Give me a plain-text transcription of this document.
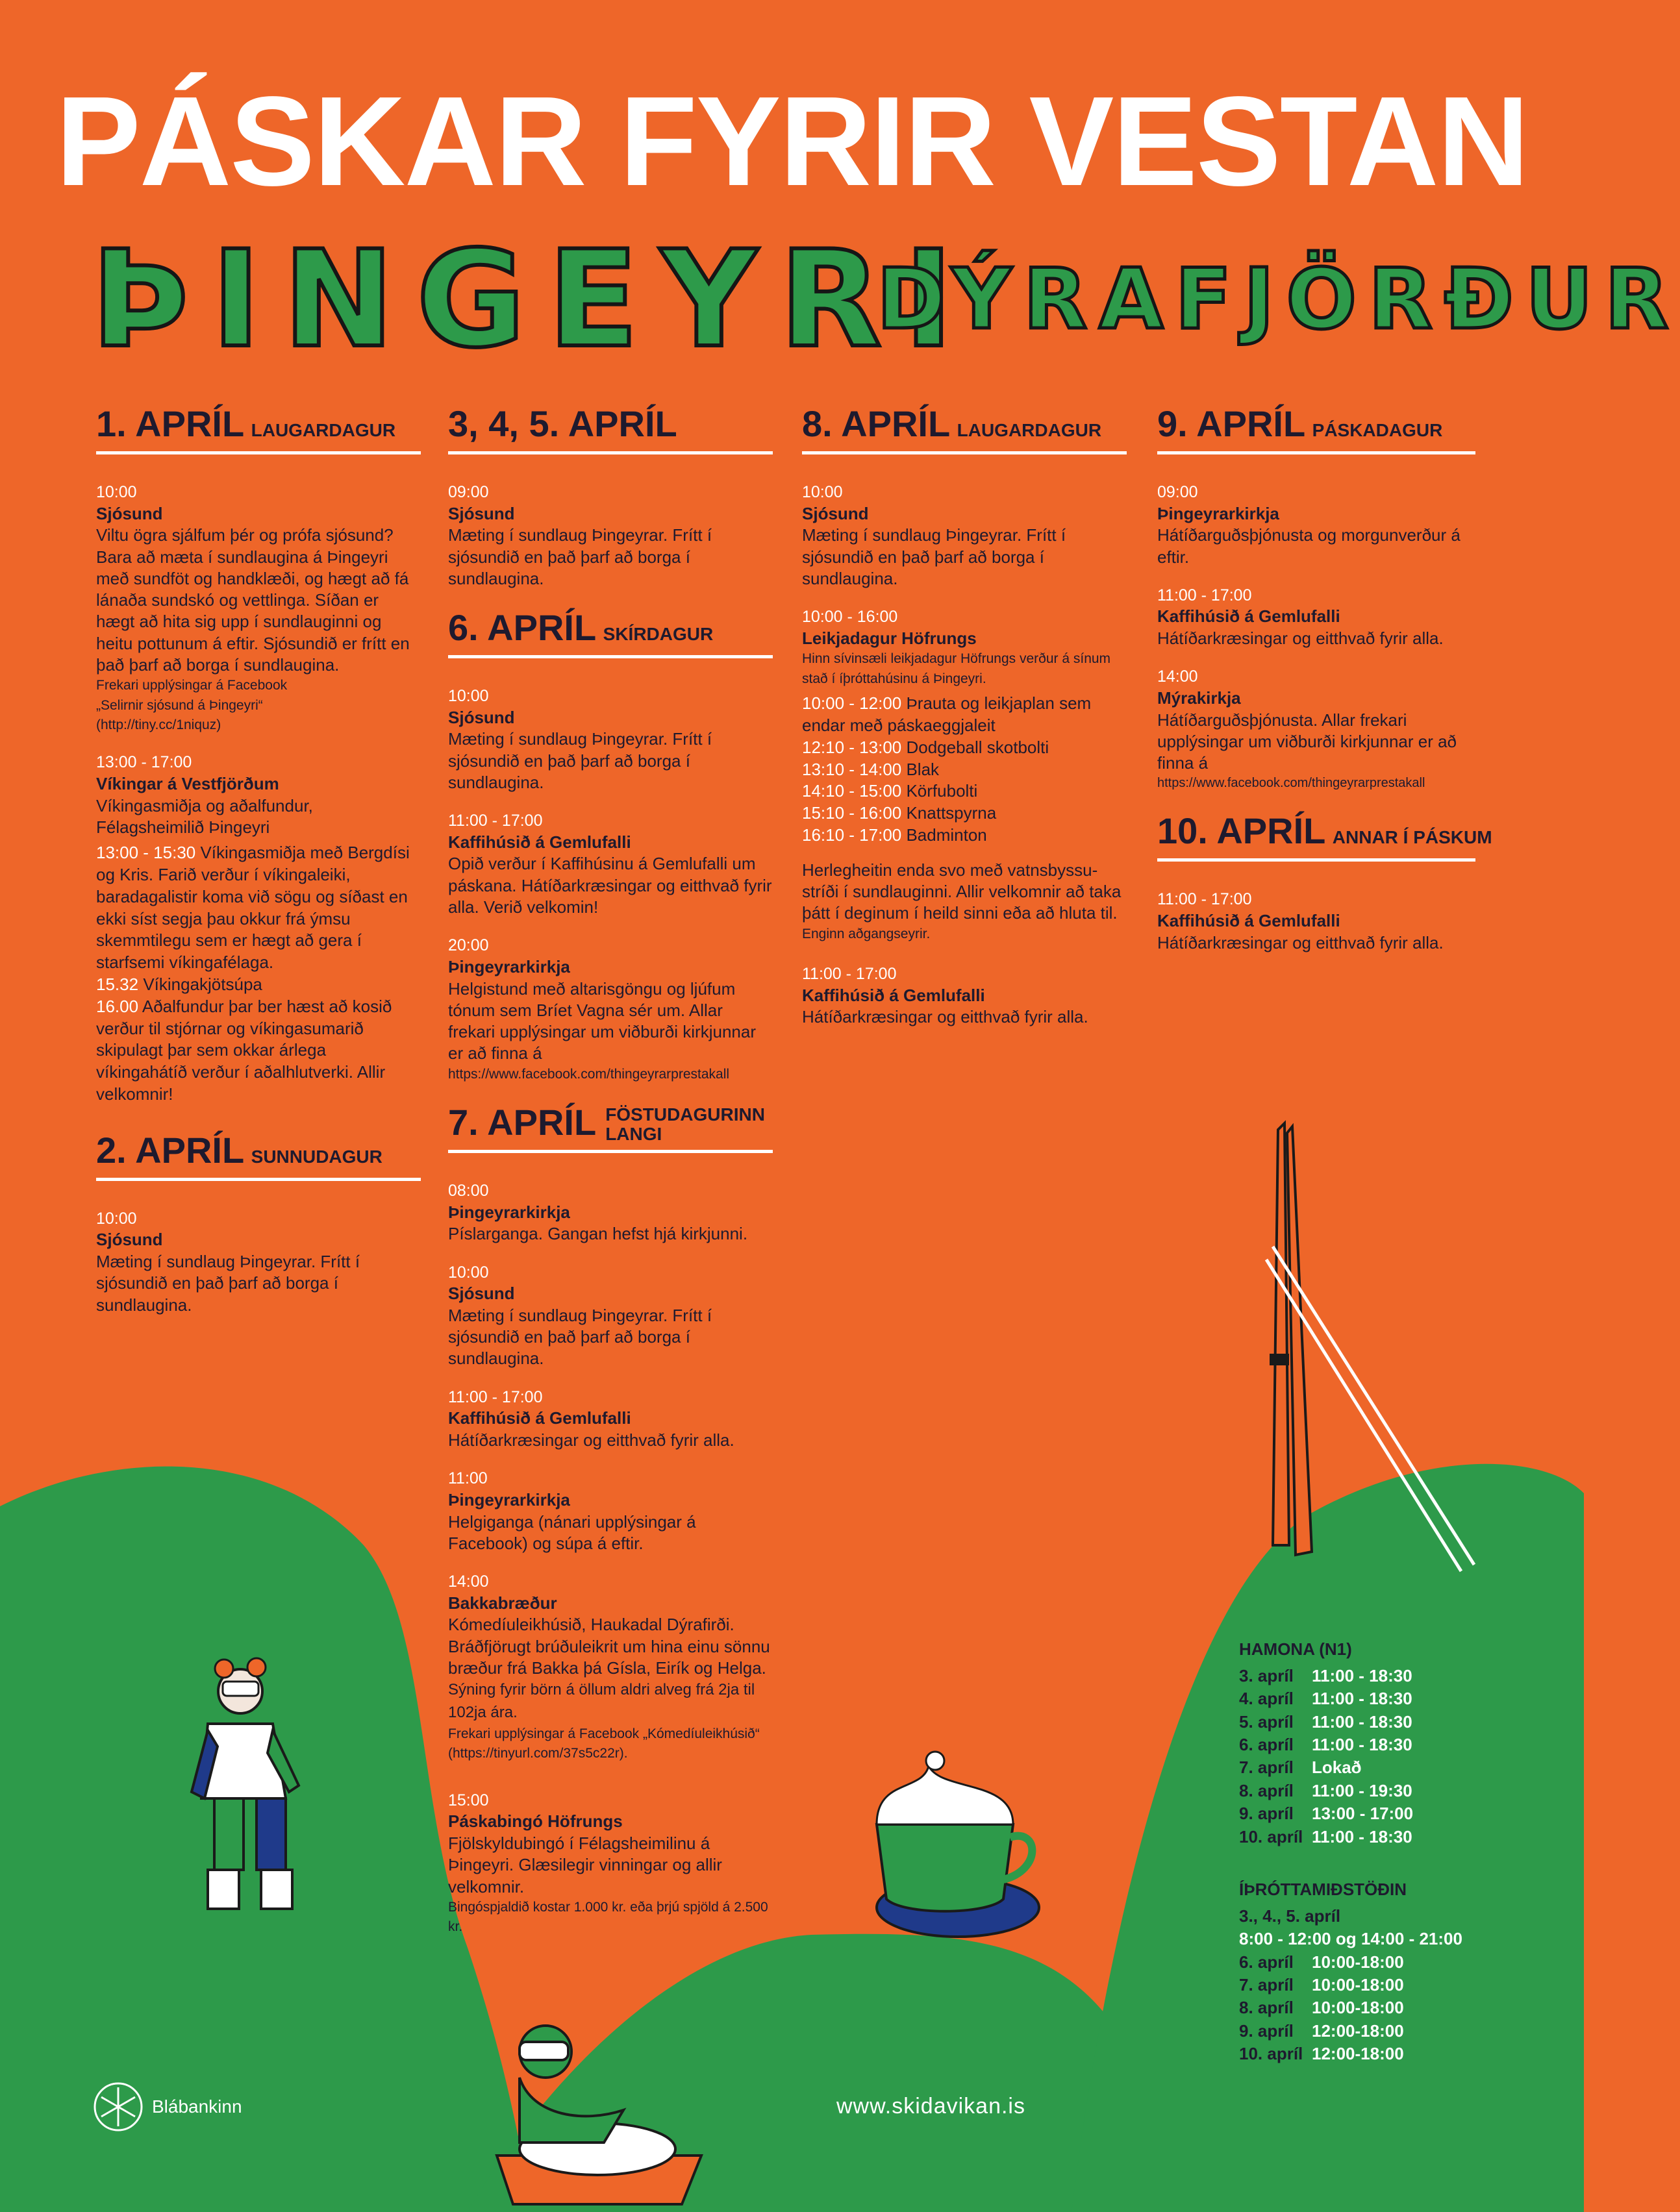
PÁSKAR FYRIR VESTAN
ÞINGEYRI
DÝRAFJÖRÐUR
1. APRÍL LAUGARDAGUR
10:00
Sjósund
Viltu ögra sjálfum þér og prófa sjósund? Bara að mæta í sundlaugina á Þingeyri með sundföt og handklæði, og hægt að fá lánaða sundskó og vettlinga. Síðan er hægt að hita sig upp í sundlauginni og heitu pottunum á eftir. Sjósundið er frítt en það þarf að borga í sundlaugina.
Frekari upplýsingar á Facebook
„Selirnir sjósund á Þingeyri“
(http://tiny.cc/1niquz)
13:00 - 17:00
Víkingar á Vestfjörðum
Víkingasmiðja og aðalfundur, Félagsheimilið Þingeyri
13:00 - 15:30 Víkingasmiðja með Bergdísi og Kris. Farið verður í víkingaleiki, baradagalistir koma við sögu og síðast en ekki síst segja þau okkur frá ýmsu skemmtilegu sem er hægt að gera í starfsemi víkingafélaga.
15.32 Víkingakjötsúpa
16.00 Aðalfundur þar ber hæst að kosið verður til stjórnar og víkingasumarið skipulagt þar sem okkar árlega víkingahátíð verður í aðalhlutverki. Allir velkomnir!
2. APRÍL SUNNUDAGUR
10:00
Sjósund
Mæting í sundlaug Þingeyrar. Frítt í sjósundið en það þarf að borga í sundlaugina.
3, 4, 5. APRÍL
09:00
Sjósund
Mæting í sundlaug Þingeyrar. Frítt í sjósundið en það þarf að borga í sundlaugina.
6. APRÍL SKÍRDAGUR
10:00
Sjósund
Mæting í sundlaug Þingeyrar. Frítt í sjósundið en það þarf að borga í sundlaugina.
11:00 - 17:00
Kaffihúsið á Gemlufalli
Opið verður í Kaffihúsinu á Gemlufalli um páskana. Hátíðarkræsingar og eitthvað fyrir alla. Verið velkomin!
20:00
Þingeyrarkirkja
Helgistund með altarisgöngu og ljúfum tónum sem Bríet Vagna sér um. Allar frekari upplýsingar um viðburði kirkjunnar er að finna á
https://www.facebook.com/thingeyrarprestakall
7. APRÍL FÖSTUDAGURINN
LANGI
08:00
Þingeyrarkirkja
Píslarganga. Gangan hefst hjá kirkjunni.
10:00
Sjósund
Mæting í sundlaug Þingeyrar. Frítt í sjósundið en það þarf að borga í sundlaugina.
11:00 - 17:00
Kaffihúsið á Gemlufalli
Hátíðarkræsingar og eitthvað fyrir alla.
11:00
Þingeyrarkirkja
Helgiganga (nánari upplýsingar á Facebook) og súpa á eftir.
14:00
Bakkabræður
Kómedíuleikhúsið, Haukadal Dýrafirði. Bráðfjörugt brúðuleikrit um hina einu sönnu bræður frá Bakka þá Gísla, Eirík og Helga.
Sýning fyrir börn á öllum aldri alveg frá 2ja til 102ja ára.
Frekari upplýsingar á Facebook „Kómedíuleikhúsið“
(https://tinyurl.com/37s5c22r).
15:00
Páskabingó Höfrungs
Fjölskyldubingó í Félagsheimilinu á Þingeyri. Glæsilegir vinningar og allir velkomnir.
Bingóspjaldið kostar 1.000 kr. eða þrjú spjöld á 2.500 kr.
8. APRÍL LAUGARDAGUR
10:00
Sjósund
Mæting í sundlaug Þingeyrar. Frítt í sjósundið en það þarf að borga í sundlaugina.
10:00 - 16:00
Leikjadagur Höfrungs
Hinn sívinsæli leikjadagur Höfrungs verður á sínum stað í íþróttahúsinu á Þingeyri.
10:00 - 12:00 Þrauta og leikjaplan sem endar með páskaeggjaleit
12:10 - 13:00 Dodgeball skotbolti
13:10 - 14:00 Blak
14:10 - 15:00 Körfubolti
15:10 - 16:00 Knattspyrna
16:10 - 17:00 Badminton
Herlegheitin enda svo með vatnsbyssu-stríði í sundlauginni. Allir velkomnir að taka þátt í deginum í heild sinni eða að hluta til.
Enginn aðgangseyrir.
11:00 - 17:00
Kaffihúsið á Gemlufalli
Hátíðarkræsingar og eitthvað fyrir alla.
9. APRÍL PÁSKADAGUR
09:00
Þingeyrarkirkja
Hátíðarguðsþjónusta og morgunverður á eftir.
11:00 - 17:00
Kaffihúsið á Gemlufalli
Hátíðarkræsingar og eitthvað fyrir alla.
14:00
Mýrakirkja
Hátíðarguðsþjónusta. Allar frekari upplýsingar um viðburði kirkjunnar er að finna á
https://www.facebook.com/thingeyrarprestakall
10. APRÍL ANNAR Í PÁSKUM
11:00 - 17:00
Kaffihúsið á Gemlufalli
Hátíðarkræsingar og eitthvað fyrir alla.
HAMONA (N1)
3. apríl 11:00 - 18:30
4. apríl 11:00 - 18:30
5. apríl 11:00 - 18:30
6. apríl 11:00 - 18:30
7. apríl Lokað
8. apríl 11:00 - 19:30
9. apríl 13:00 - 17:00
10. apríl 11:00 - 18:30
ÍÞRÓTTAMIÐSTÖÐIN
3., 4., 5. apríl
8:00 - 12:00 og 14:00 - 21:00
6. apríl 10:00-18:00
7. apríl 10:00-18:00
8. apríl 10:00-18:00
9. apríl 12:00-18:00
10. apríl 12:00-18:00
Blábankinn	www.skidavikan.is
